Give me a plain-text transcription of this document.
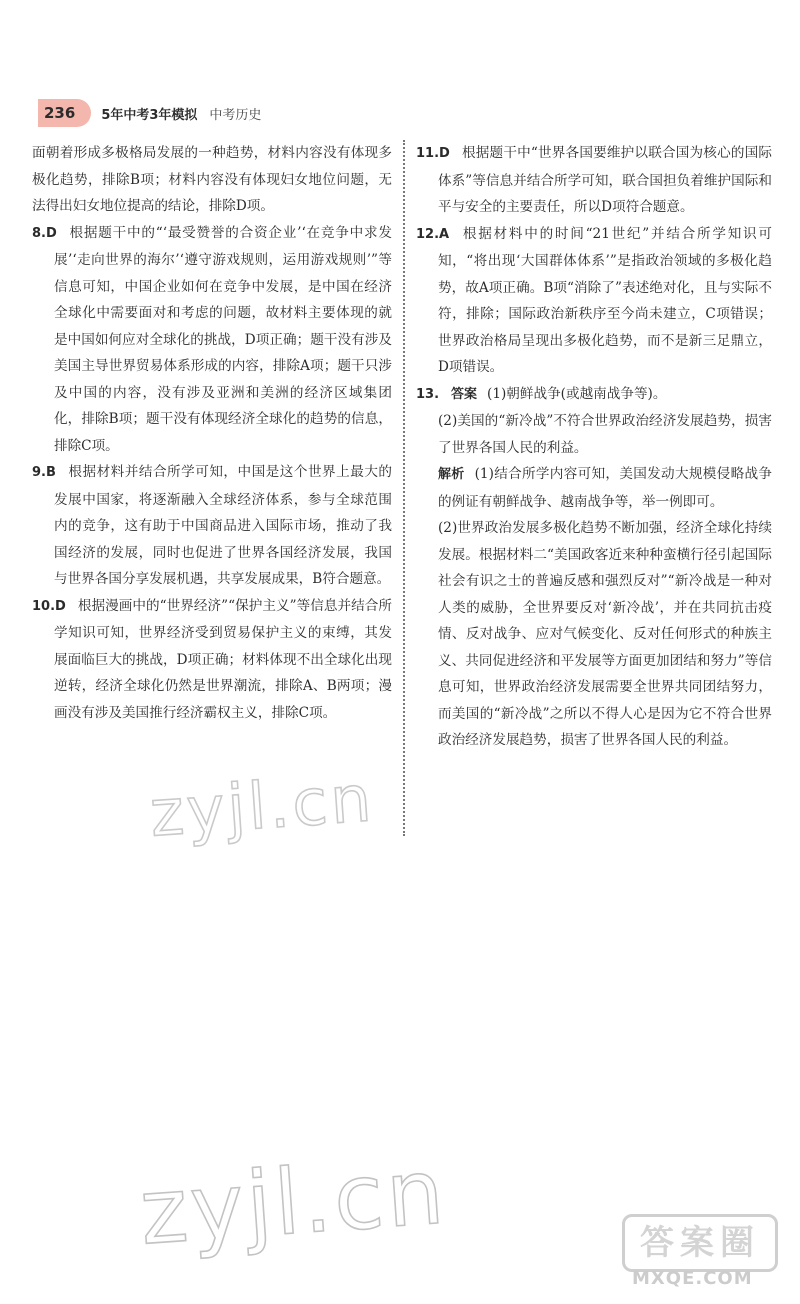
236	5年中考3年模拟 中考历史

面朝着形成多极格局发展的一种趋势，材料内容没有体现多极化趋势，排除B项；材料内容没有体现妇女地位问题，无法得出妇女地位提高的结论，排除D项。

8.D 根据题干中的“‘最受赞誉的合资企业’‘在竞争中求发展’‘走向世界的海尔’‘遵守游戏规则，运用游戏规则’”等信息可知，中国企业如何在竞争中发展，是中国在经济全球化中需要面对和考虑的问题，故材料主要体现的就是中国如何应对全球化的挑战，D项正确；题干没有涉及美国主导世界贸易体系形成的内容，排除A项；题干只涉及中国的内容，没有涉及亚洲和美洲的经济区域集团化，排除B项；题干没有体现经济全球化的趋势的信息，排除C项。

9.B 根据材料并结合所学可知，中国是这个世界上最大的发展中国家，将逐渐融入全球经济体系，参与全球范围内的竞争，这有助于中国商品进入国际市场，推动了我国经济的发展，同时也促进了世界各国经济发展，我国与世界各国分享发展机遇，共享发展成果，B符合题意。

10.D 根据漫画中的“世界经济”“保护主义”等信息并结合所学知识可知，世界经济受到贸易保护主义的束缚，其发展面临巨大的挑战，D项正确；材料体现不出全球化出现逆转，经济全球化仍然是世界潮流，排除A、B两项；漫画没有涉及美国推行经济霸权主义，排除C项。

11.D 根据题干中“世界各国要维护以联合国为核心的国际体系”等信息并结合所学可知，联合国担负着维护国际和平与安全的主要责任，所以D项符合题意。

12.A 根据材料中的时间“21世纪”并结合所学知识可知，“将出现‘大国群体体系’”是指政治领域的多极化趋势，故A项正确。B项“消除了”表述绝对化，且与实际不符，排除；国际政治新秩序至今尚未建立，C项错误；世界政治格局呈现出多极化趋势，而不是新三足鼎立，D项错误。

13. 答案 (1)朝鲜战争(或越南战争等)。

(2)美国的“新冷战”不符合世界政治经济发展趋势，损害了世界各国人民的利益。

解析 (1)结合所学内容可知，美国发动大规模侵略战争的例证有朝鲜战争、越南战争等，举一例即可。

(2)世界政治发展多极化趋势不断加强，经济全球化持续发展。根据材料二“美国政客近来种种蛮横行径引起国际社会有识之士的普遍反感和强烈反对”“新冷战是一种对人类的威胁，全世界要反对‘新冷战’，并在共同抗击疫情、反对战争、应对气候变化、反对任何形式的种族主义、共同促进经济和平发展等方面更加团结和努力”等信息可知，世界政治经济发展需要全世界共同团结努力，而美国的“新冷战”之所以不得人心是因为它不符合世界政治经济发展趋势，损害了世界各国人民的利益。

zyjl.cn
zyjl.cn	答案圈
MXQE.COM
